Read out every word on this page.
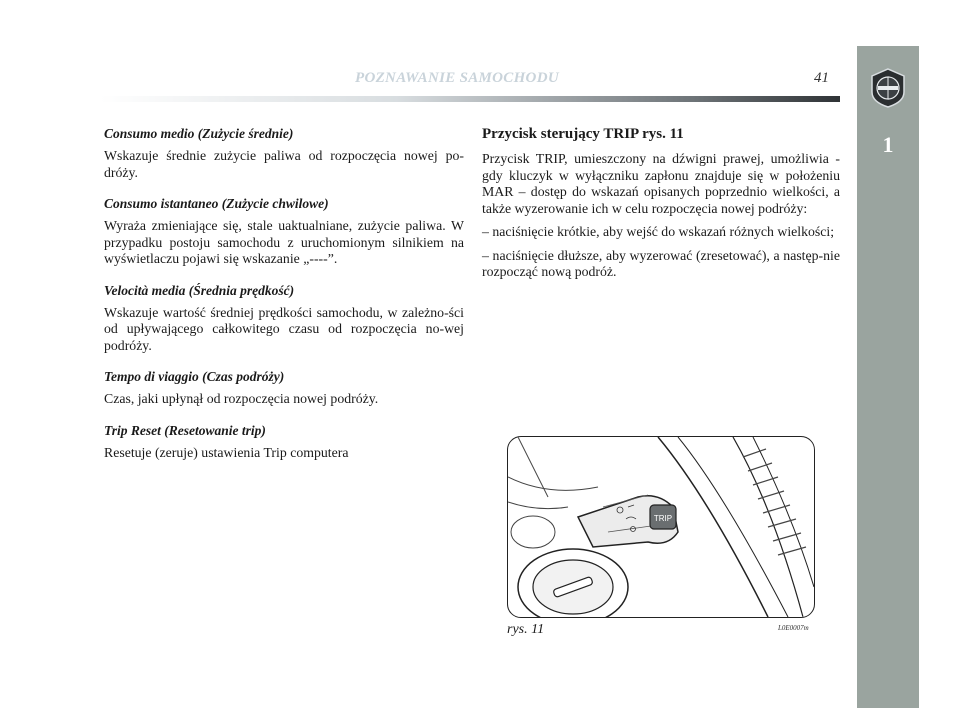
POZNAWANIE SAMOCHODU	41
1

Consumo medio (Zużycie średnie)

Wskazuje średnie zużycie paliwa od rozpoczęcia nowej po-dróży.

Consumo istantaneo (Zużycie chwilowe)

Wyraża zmieniające się, stale uaktualniane, zużycie paliwa. W przypadku postoju samochodu z uruchomionym silnikiem na wyświetlaczu pojawi się wskazanie „----”.

Velocità media (Średnia prędkość)

Wskazuje wartość średniej prędkości samochodu, w zależno-ści od upływającego całkowitego czasu od rozpoczęcia no-wej podróży.

Tempo di viaggio (Czas podróży)

Czas, jaki upłynął od rozpoczęcia nowej podróży.

Trip Reset (Resetowanie trip)

Resetuje (zeruje) ustawienia Trip computera

Przycisk sterujący TRIP rys. 11

Przycisk TRIP, umieszczony na dźwigni prawej, umożliwia - gdy kluczyk w wyłączniku zapłonu znajduje się w położeniu MAR – dostęp do wskazań opisanych poprzednio wielkości, a także wyzerowanie ich w celu rozpoczęcia nowej podróży:

– naciśnięcie krótkie, aby wejść do wskazań różnych wielkości;

– naciśnięcie dłuższe, aby wyzerować (zresetować), a następ-nie rozpocząć nową podróż.

TRIP
rys. 11	L0E0007m
